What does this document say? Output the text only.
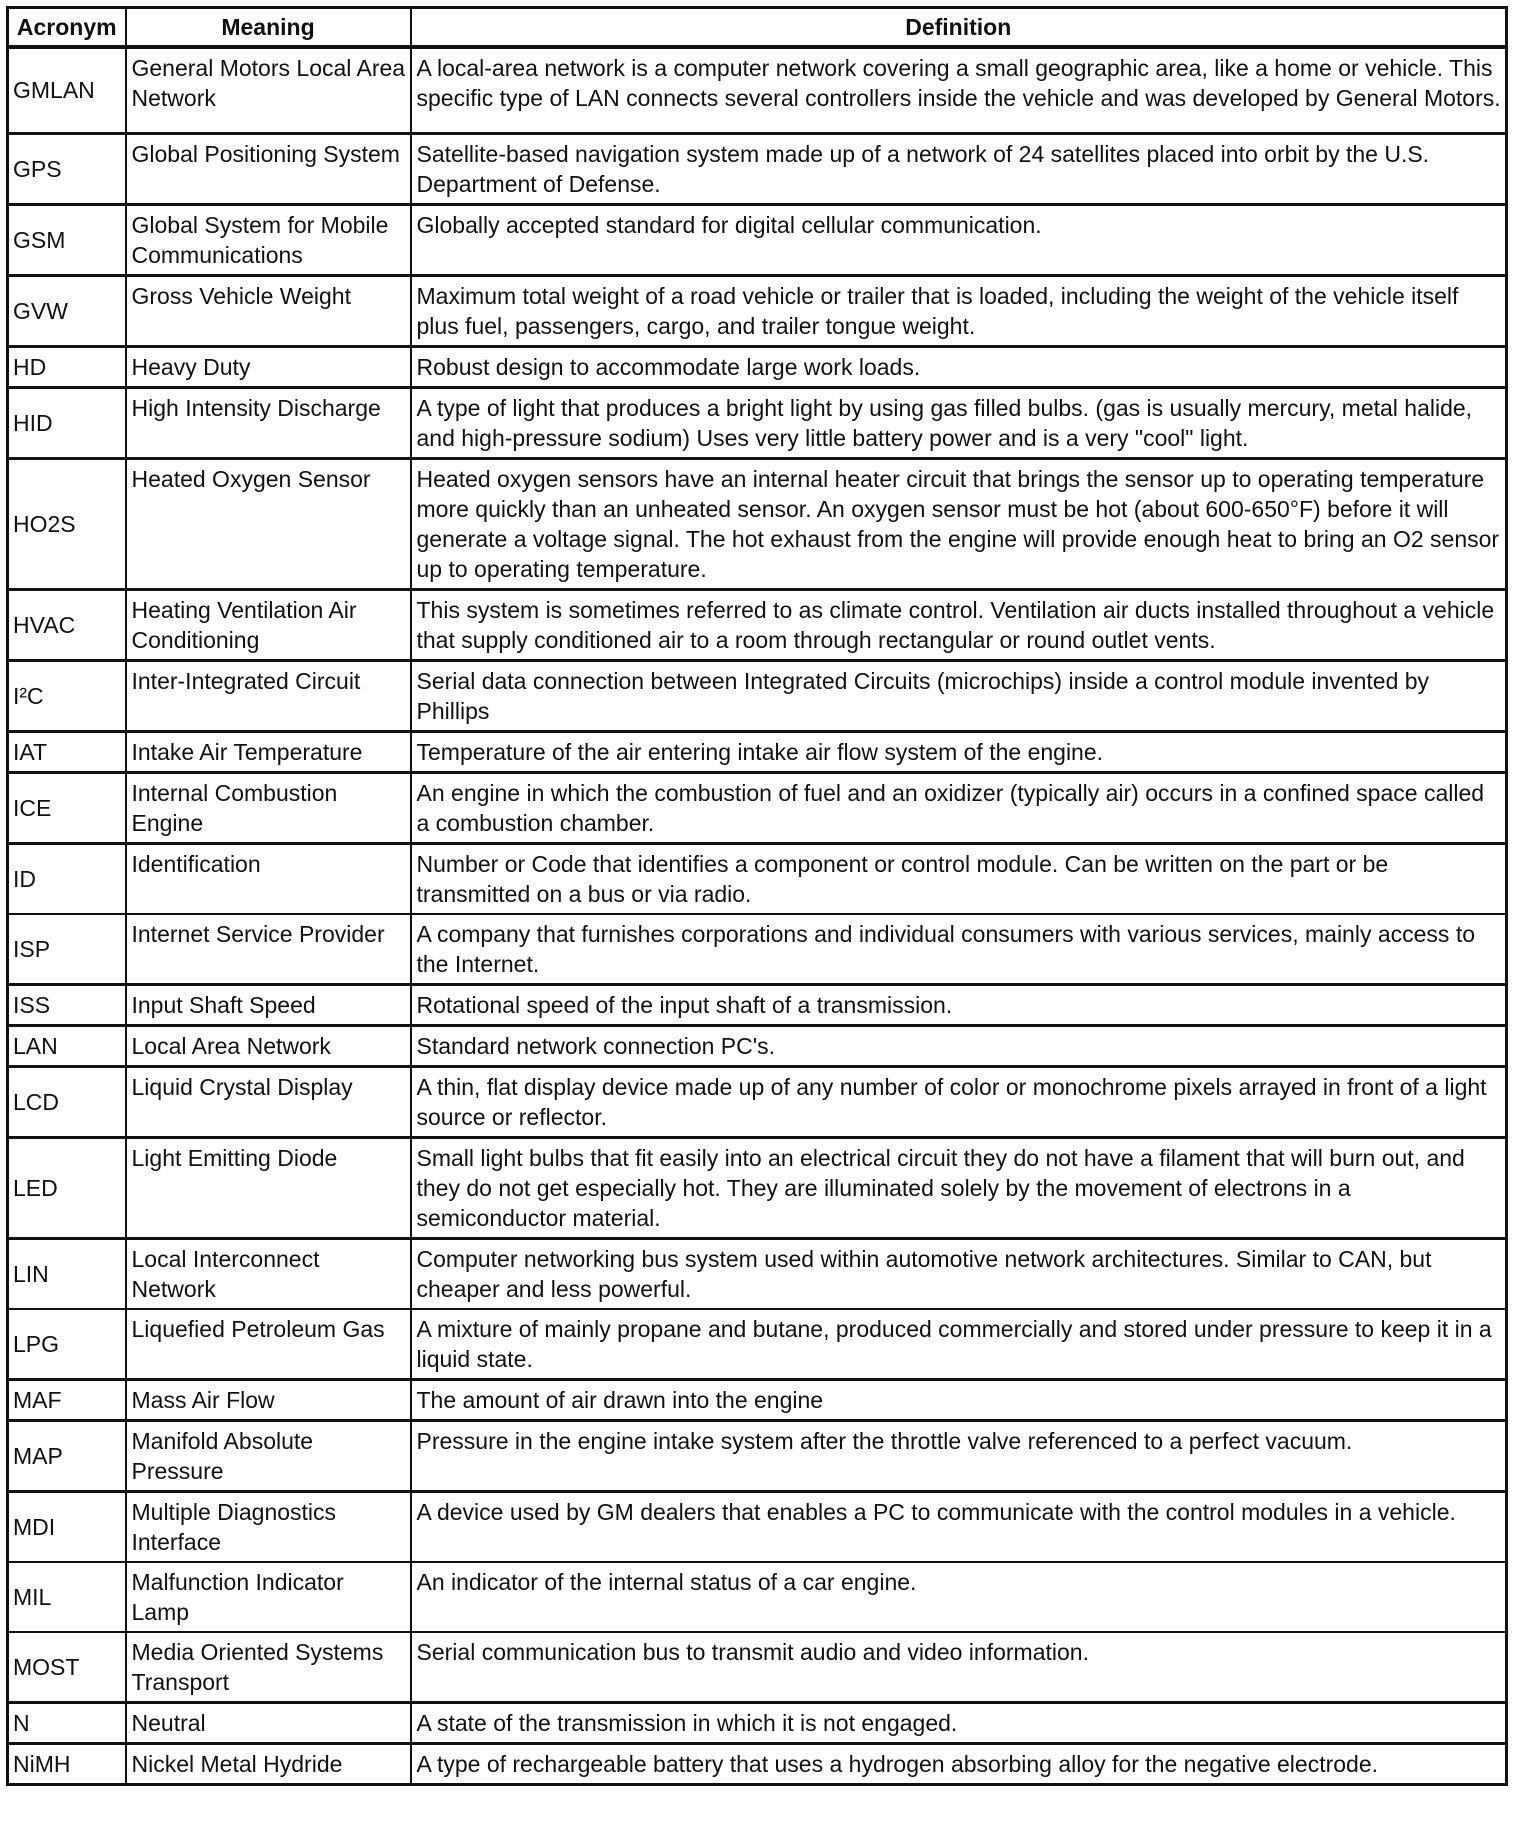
Acronym	Meaning	Definition
GMLAN	General Motors Local Area Network	A local-area network is a computer network covering a small geographic area, like a home or vehicle. This specific type of LAN connects several controllers inside the vehicle and was developed by General Motors.
GPS	Global Positioning System	Satellite-based navigation system made up of a network of 24 satellites placed into orbit by the U.S. Department of Defense.
GSM	Global System for Mobile Communications	Globally accepted standard for digital cellular communication.
GVW	Gross Vehicle Weight	Maximum total weight of a road vehicle or trailer that is loaded, including the weight of the vehicle itself plus fuel, passengers, cargo, and trailer tongue weight.
HD	Heavy Duty	Robust design to accommodate large work loads.
HID	High Intensity Discharge	A type of light that produces a bright light by using gas filled bulbs. (gas is usually mercury, metal halide, and high-pressure sodium) Uses very little battery power and is a very "cool" light.
HO2S	Heated Oxygen Sensor	Heated oxygen sensors have an internal heater circuit that brings the sensor up to operating temperature more quickly than an unheated sensor. An oxygen sensor must be hot (about 600-650°F) before it will generate a voltage signal. The hot exhaust from the engine will provide enough heat to bring an O2 sensor up to operating temperature.
HVAC	Heating Ventilation Air Conditioning	This system is sometimes referred to as climate control. Ventilation air ducts installed throughout a vehicle that supply conditioned air to a room through rectangular or round outlet vents.
I²C	Inter-Integrated Circuit	Serial data connection between Integrated Circuits (microchips) inside a control module invented by Phillips
IAT	Intake Air Temperature	Temperature of the air entering intake air flow system of the engine.
ICE	Internal Combustion Engine	An engine in which the combustion of fuel and an oxidizer (typically air) occurs in a confined space called a combustion chamber.
ID	Identification	Number or Code that identifies a component or control module. Can be written on the part or be transmitted on a bus or via radio.
ISP	Internet Service Provider	A company that furnishes corporations and individual consumers with various services, mainly access to the Internet.
ISS	Input Shaft Speed	Rotational speed of the input shaft of a transmission.
LAN	Local Area Network	Standard network connection PC's.
LCD	Liquid Crystal Display	A thin, flat display device made up of any number of color or monochrome pixels arrayed in front of a light source or reflector.
LED	Light Emitting Diode	Small light bulbs that fit easily into an electrical circuit they do not have a filament that will burn out, and they do not get especially hot. They are illuminated solely by the movement of electrons in a semiconductor material.
LIN	Local Interconnect Network	Computer networking bus system used within automotive network architectures. Similar to CAN, but cheaper and less powerful.
LPG	Liquefied Petroleum Gas	A mixture of mainly propane and butane, produced commercially and stored under pressure to keep it in a liquid state.
MAF	Mass Air Flow	The amount of air drawn into the engine
MAP	Manifold Absolute Pressure	Pressure in the engine intake system after the throttle valve referenced to a perfect vacuum.
MDI	Multiple Diagnostics Interface	A device used by GM dealers that enables a PC to communicate with the control modules in a vehicle.
MIL	Malfunction Indicator Lamp	An indicator of the internal status of a car engine.
MOST	Media Oriented Systems Transport	Serial communication bus to transmit audio and video information.
N	Neutral	A state of the transmission in which it is not engaged.
NiMH	Nickel Metal Hydride	A type of rechargeable battery that uses a hydrogen absorbing alloy for the negative electrode.
